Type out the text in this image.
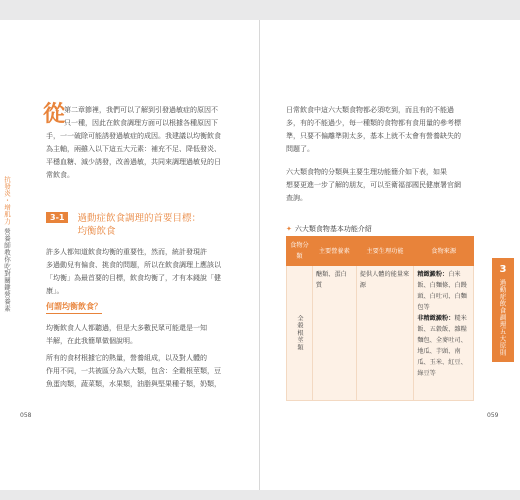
抗發炎・增肌力
營養師教你吃對關鍵營養素
從
第二章節裡，我們可以了解到引發過敏症的原因不
只一種，因此在飲食調理方面可以根據各種原因下
手，一一破除可能誘發過敏症的成因。我建議以均衡飲食
為主軸，兩雖入以下這五大元素：補充不足、降低發炎、
平穩血糖、減少誘發，改善過敏，共同來調理過敏兒的日
常飲食。
3-1 過動症飲食調理的首要目標：
均衡飲食
許多人都知道飲食均衡的重要性，然而，統計發現許
多過動兒有偏食、挑食的問題，所以在飲食調理上應該以
「均衡」為最首要的目標，飲食均衡了，才有本錢說「健
康」。
何謂均衡飲食？
均衡飲食人人都聽過，但是大多數民眾可能還是一知
半解，在此我簡單做個說明。
所有的食材根據它的熱量，營養組成，以及對人體的
作用不同，一共被區分為六大類，包含：全穀根莖類，豆
魚蛋肉類，蔬菜類，水果類，油脂與堅果種子類，奶類，
058
日常飲食中這六大類食物都必須吃到，而且有的不能過
多，有的不能過少，每一種類的食物都有食用量的參考標
準，只要不偏離準則太多，基本上就不太會有營養缺失的
問題了。
六大類食物的分類與主要生理功能簡介如下表，如果
想要更進一步了解的朋友，可以至衛福部國民健康署官網
查詢。
✦ 六大類食物基本功能介紹
食物分類	主要營養素	主要生理功能	食物來源

全穀根莖類	醣類、蛋白質	提供人體的能量來源	精緻澱粉：白米飯、白麵條、白饅頭、白吐司、白麵包等
非精緻澱粉：糙米飯、五穀飯、雜糧麵包、全麥吐司、地瓜、芋頭、南瓜、玉米、紅豆、綠豆等
3
過動症飲食調理五大原則
059
